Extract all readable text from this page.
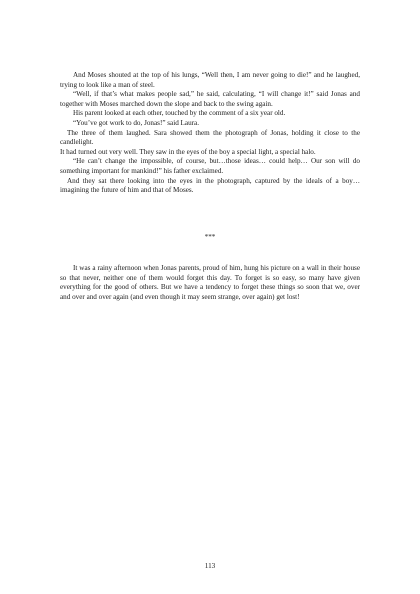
And Moses shouted at the top of his lungs, “Well then, I am never going to die!” and he laughed, trying to look like a man of steel.

“Well, if that’s what makes people sad,” he said, calculating, “I will change it!” said Jonas and together with Moses marched down the slope and back to the swing again.

His parent looked at each other, touched by the comment of a six year old.

“You’ve got work to do, Jonas!” said Laura.

The three of them laughed. Sara showed them the photograph of Jonas, holding it close to the candlelight.

It had turned out very well. They saw in the eyes of the boy a special light, a special halo.

“He can’t change the impossible, of course, but…those ideas… could help… Our son will do something important for mankind!” his father exclaimed.

And they sat there looking into the eyes in the photograph, captured by the ideals of a boy… imagining the future of him and that of Moses.

***

It was a rainy afternoon when Jonas parents, proud of him, hung his picture on a wall in their house so that never, neither one of them would forget this day. To forget is so easy, so many have given everything for the good of others. But we have a tendency to forget these things so soon that we, over and over and over again (and even though it may seem strange, over again) get lost!

113
